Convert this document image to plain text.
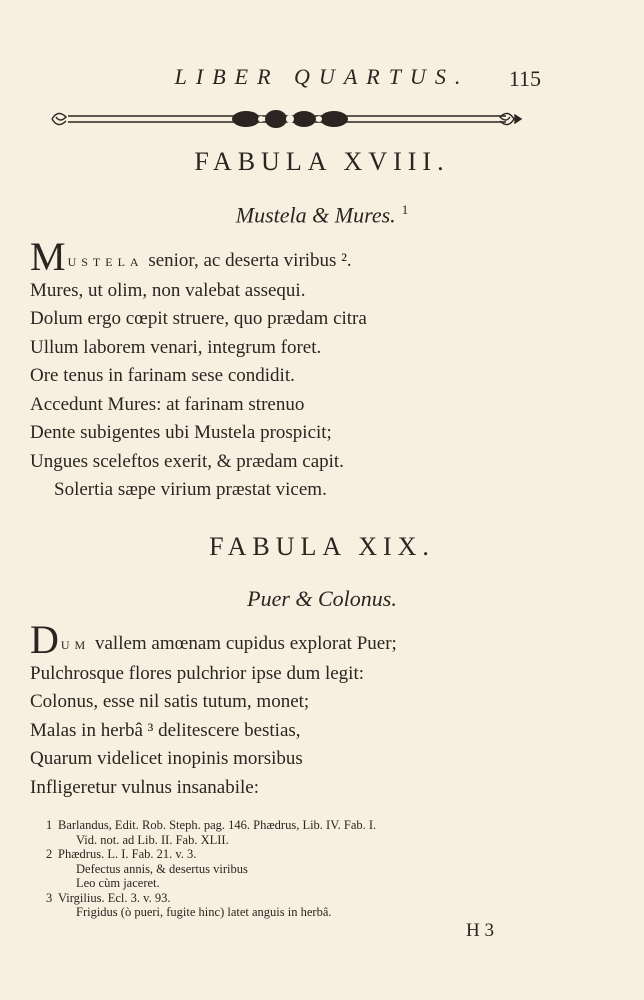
LIBER QUARTUS.	115
FABULA XVIII.
Mustela & Mures. $^1$
MUSTELA senior, ac deserta viribus ².
Mures, ut olim, non valebat assequi.
Dolum ergo cœpit struere, quo prædam citra
Ullum laborem venari, integrum foret.
Ore tenus in farinam sese condidit.
Accedunt Mures: at farinam strenuo
Dente subigentes ubi Mustela prospicit;
Ungues sceleftos exerit, & prædam capit.
Solertia sæpe virium præstat vicem.
FABULA XIX.
Puer & Colonus.
DUM vallem amœnam cupidus explorat Puer;
Pulchrosque flores pulchrior ipse dum legit:
Colonus, esse nil satis tutum, monet;
Malas in herbâ ³ delitescere bestias,
Quarum videlicet inopinis morsibus
Infligeretur vulnus insanabile:
1 Barlandus, Edit. Rob. Steph. pag. 146. Phædrus, Lib. IV. Fab. I.
Vid. not. ad Lib. II. Fab. XLII.
2 Phædrus. L. I. Fab. 21. v. 3.
Defectus annis, & desertus viribus
Leo cùm jaceret.
3 Virgilius. Ecl. 3. v. 93.
Frigidus (ò pueri, fugite hinc) latet anguis in herbâ.
H 3
